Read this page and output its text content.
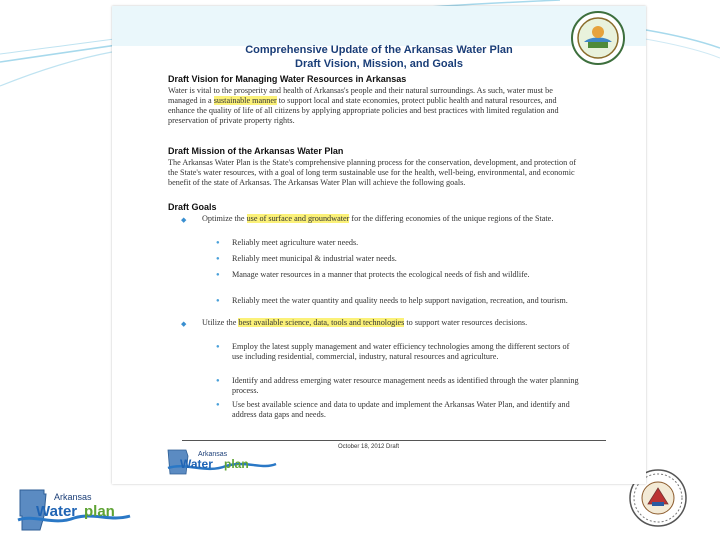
Arkansas
Water plan

Comprehensive Update of the Arkansas Water Plan

Draft Vision, Mission, and Goals

Draft Vision for Managing Water Resources in Arkansas

Water is vital to the prosperity and health of Arkansas's people and their natural surroundings. As such, water must be managed in a sustainable manner to support local and state economies, protect public health and natural resources, and enhance the quality of life of all citizens by applying appropriate policies and best practices with limited regulation and preservation of private property rights.

Draft Mission of the Arkansas Water Plan

The Arkansas Water Plan is the State's comprehensive planning process for the conservation, development, and protection of the State's water resources, with a goal of long term sustainable use for the health, well-being, environmental, and economic benefit of the state of Arkansas. The Arkansas Water Plan will achieve the following goals.

Draft Goals

◆ Optimize the use of surface and groundwater for the differing economies of the unique regions of the State.

● Reliably meet agriculture water needs.

● Reliably meet municipal & industrial water needs.

● Manage water resources in a manner that protects the ecological needs of fish and wildlife.

● Reliably meet the water quantity and quality needs to help support navigation, recreation, and tourism.

◆ Utilize the best available science, data, tools and technologies to support water resources decisions.

● Employ the latest supply management and water efficiency technologies among the different sectors of use including residential, commercial, industry, natural resources and agriculture.

● Identify and address emerging water resource management needs as identified through the water planning process.

● Use best available science and data to update and implement the Arkansas Water Plan, and identify and address data gaps and needs.

October 18, 2012 Draft

Arkansas
Water plan
